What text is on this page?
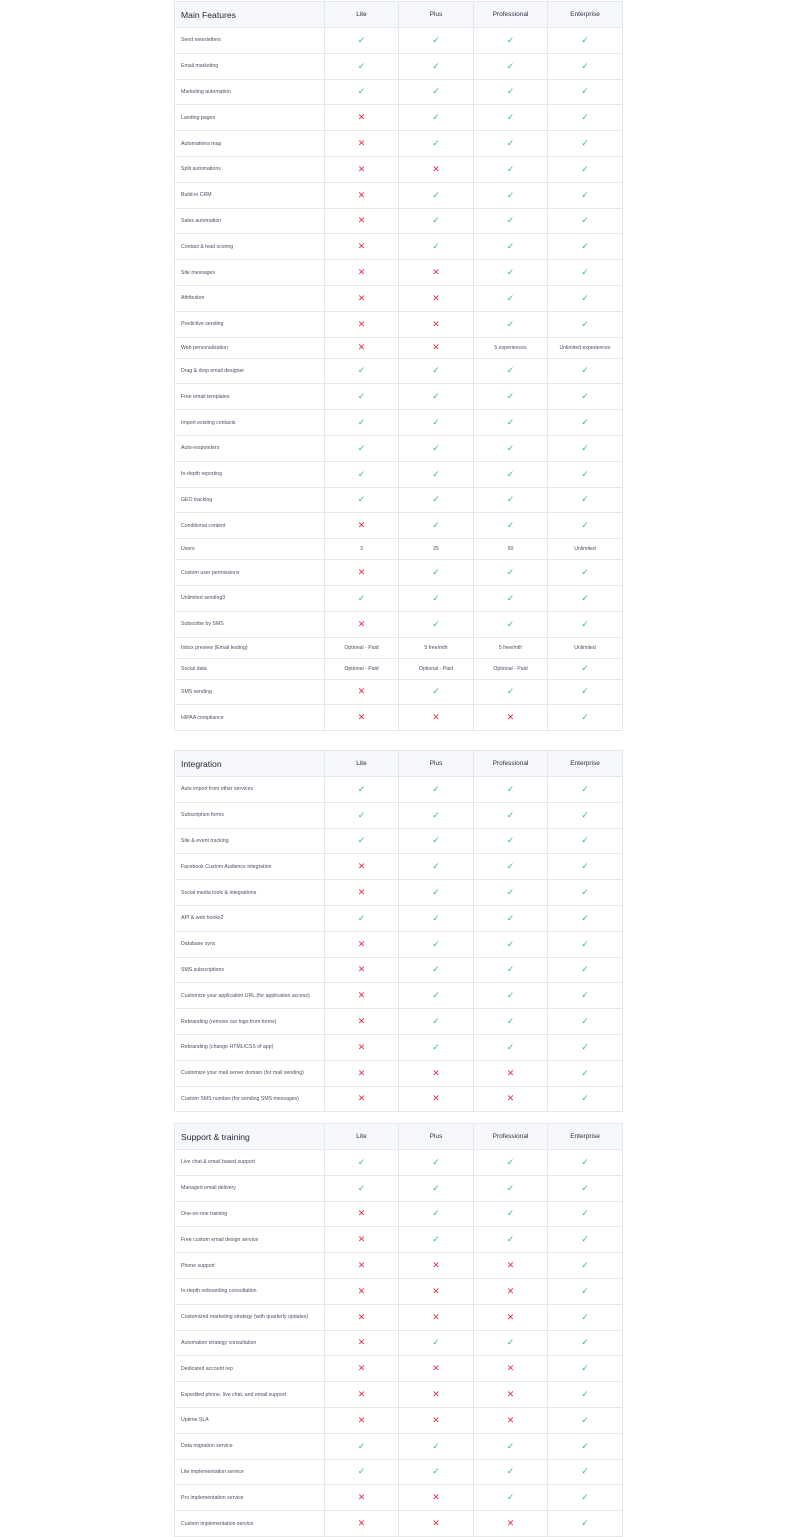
Main Features	Lite	Plus	Professional	Enterprise
Send newsletters	✓	✓	✓	✓
Email marketing	✓	✓	✓	✓
Marketing automation	✓	✓	✓	✓
Landing pages	✕	✓	✓	✓
Automations map	✕	✓	✓	✓
Split automations	✕	✕	✓	✓
Build-in CRM	✕	✓	✓	✓
Sales automation	✕	✓	✓	✓
Contact & lead scoring	✕	✓	✓	✓
Site messages	✕	✕	✓	✓
Attribution	✕	✕	✓	✓
Predictive sending	✕	✕	✓	✓
Web personalization	✕	✕	5 experiences	Unlimited experiences
Drag & drop email designer	✓	✓	✓	✓
Free email templates	✓	✓	✓	✓
Import existing contacts	✓	✓	✓	✓
Auto-responders	✓	✓	✓	✓
In-depth reporting	✓	✓	✓	✓
GEO tracking	✓	✓	✓	✓
Conditional content	✕	✓	✓	✓
Users	3	25	50	Unlimited
Custom user permissions	✕	✓	✓	✓
Unlimited sending3	✓	✓	✓	✓
Subscribe by SMS	✕	✓	✓	✓
Inbox preview (Email testing)	Optional - Paid	5 free/mth	5 free/mth	Unlimited
Social data	Optional - Paid	Optional - Paid	Optional - Paid	✓
SMS sending	✕	✓	✓	✓
HIPAA compliance	✕	✕	✕	✓
Integration	Lite	Plus	Professional	Enterprise
Auto import from other services	✓	✓	✓	✓
Subscription forms	✓	✓	✓	✓
Site & event tracking	✓	✓	✓	✓
Facebook Custom Audience integration	✕	✓	✓	✓
Social media tools & integrations	✕	✓	✓	✓
API & web hooks2	✓	✓	✓	✓
Database sync	✕	✓	✓	✓
SMS subscriptions	✕	✓	✓	✓
Customize your application URL (for application access)	✕	✓	✓	✓
Rebranding (remove our logo from forms)	✕	✓	✓	✓
Rebranding (change HTML/CSS of app)	✕	✓	✓	✓
Customize your mail server domain (for mail sending)	✕	✕	✕	✓
Custom SMS number (for sending SMS messages)	✕	✕	✕	✓
Support & training	Lite	Plus	Professional	Enterprise
Live chat & email based support	✓	✓	✓	✓
Managed email delivery	✓	✓	✓	✓
One-on-one training	✕	✓	✓	✓
Free custom email design service	✕	✓	✓	✓
Phone support	✕	✕	✕	✓
In-depth onboarding consultation	✕	✕	✕	✓
Customized marketing strategy (with quarterly updates)	✕	✕	✕	✓
Automation strategy consultation	✕	✓	✓	✓
Dedicated account rep	✕	✕	✕	✓
Expedited phone, live chat, and email support	✕	✕	✕	✓
Uptime SLA	✕	✕	✕	✓
Data migration service	✓	✓	✓	✓
Lite implementation service	✓	✓	✓	✓
Pro implementation service	✕	✕	✓	✓
Custom implementation service	✕	✕	✕	✓
